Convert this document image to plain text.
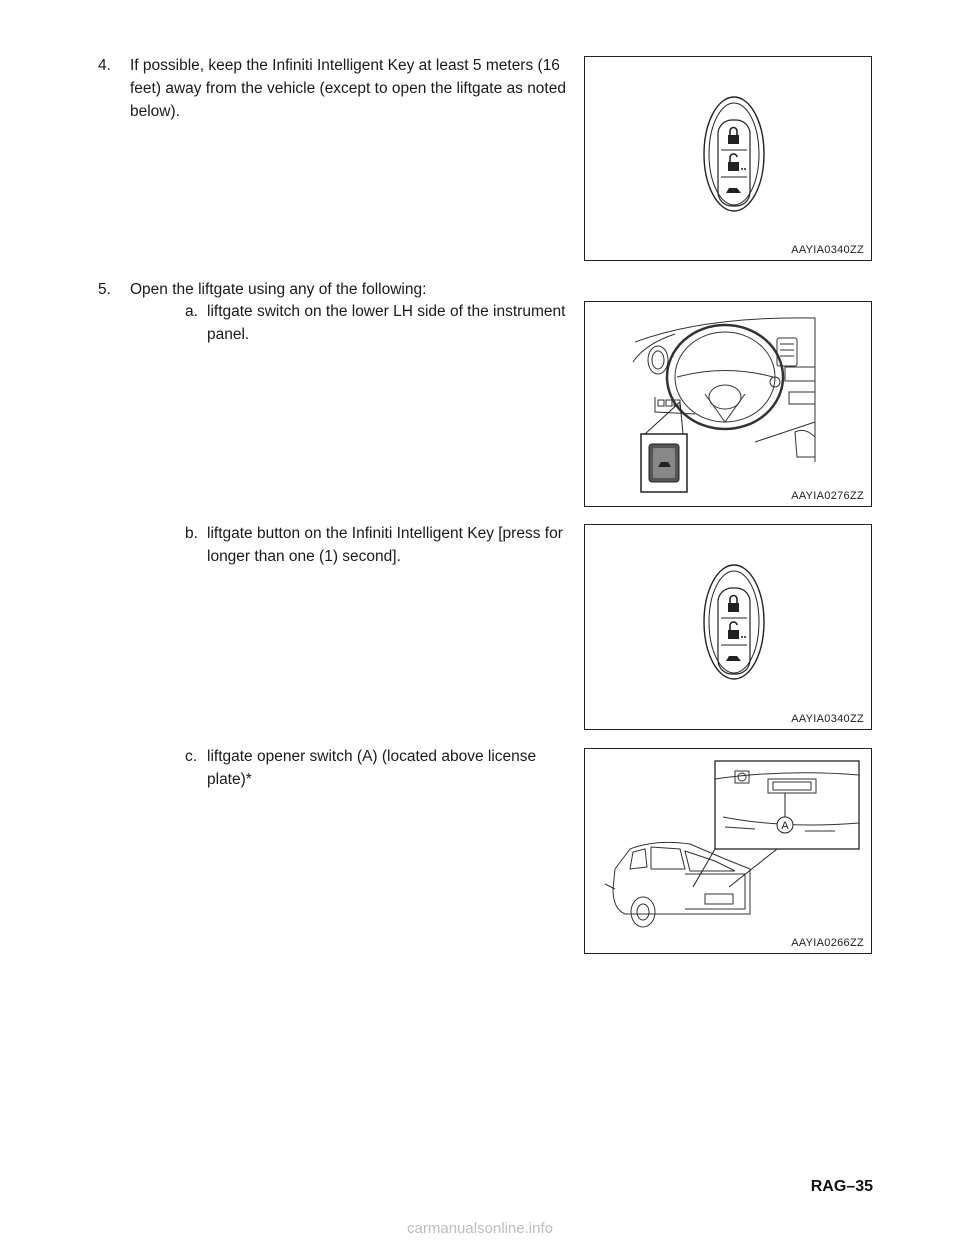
4. If possible, keep the Infiniti Intelligent Key at least 5 meters (16 feet) away from the vehicle (except to open the liftgate as noted below).
AAYIA0340ZZ
5. Open the liftgate using any of the following:
a. liftgate switch on the lower LH side of the instrument panel.
AAYIA0276ZZ
b. liftgate button on the Infiniti Intelligent Key [press for longer than one (1) second].
AAYIA0340ZZ
c. liftgate opener switch (A) (located above license plate)*
A
AAYIA0266ZZ
RAG–35
carmanualsonline.info
